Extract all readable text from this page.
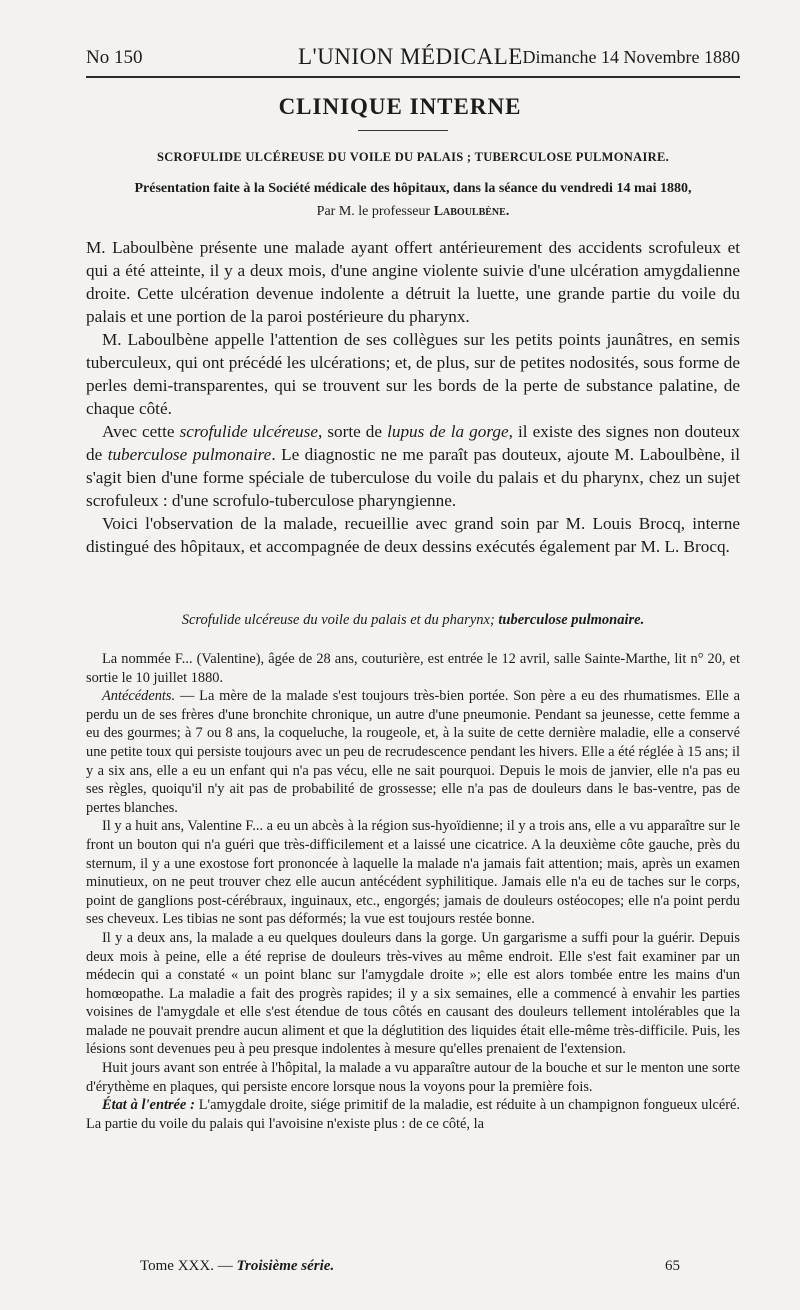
No 150	L'UNION MÉDICALE Dimanche 14 Novembre 1880
CLINIQUE INTERNE
SCROFULIDE ULCÉREUSE DU VOILE DU PALAIS ; TUBERCULOSE PULMONAIRE.
Présentation faite à la Société médicale des hôpitaux, dans la séance du vendredi 14 mai 1880,
Par M. le professeur Laboulbène.

M. Laboulbène présente une malade ayant offert antérieurement des accidents scrofuleux et qui a été atteinte, il y a deux mois, d'une angine violente suivie d'une ulcération amygdalienne droite. Cette ulcération devenue indolente a détruit la luette, une grande partie du voile du palais et une portion de la paroi postérieure du pharynx.

M. Laboulbène appelle l'attention de ses collègues sur les petits points jaunâtres, en semis tuberculeux, qui ont précédé les ulcérations; et, de plus, sur de petites nodosités, sous forme de perles demi-transparentes, qui se trouvent sur les bords de la perte de substance palatine, de chaque côté.

Avec cette scrofulide ulcéreuse, sorte de lupus de la gorge, il existe des signes non douteux de tuberculose pulmonaire. Le diagnostic ne me paraît pas douteux, ajoute M. Laboulbène, il s'agit bien d'une forme spéciale de tuberculose du voile du palais et du pharynx, chez un sujet scrofuleux : d'une scrofulo-tuberculose pharyngienne.

Voici l'observation de la malade, recueillie avec grand soin par M. Louis Brocq, interne distingué des hôpitaux, et accompagnée de deux dessins exécutés également par M. L. Brocq.

Scrofulide ulcéreuse du voile du palais et du pharynx; tuberculose pulmonaire.

La nommée F... (Valentine), âgée de 28 ans, couturière, est entrée le 12 avril, salle Sainte-Marthe, lit n° 20, et sortie le 10 juillet 1880.

Antécédents. — La mère de la malade s'est toujours très-bien portée. Son père a eu des rhumatismes. Elle a perdu un de ses frères d'une bronchite chronique, un autre d'une pneumonie. Pendant sa jeunesse, cette femme a eu des gourmes; à 7 ou 8 ans, la coqueluche, la rougeole, et, à la suite de cette dernière maladie, elle a conservé une petite toux qui persiste toujours avec un peu de recrudescence pendant les hivers. Elle a été réglée à 15 ans; il y a six ans, elle a eu un enfant qui n'a pas vécu, elle ne sait pourquoi. Depuis le mois de janvier, elle n'a pas eu ses règles, quoiqu'il n'y ait pas de probabilité de grossesse; elle n'a pas de douleurs dans le bas-ventre, pas de pertes blanches.

Il y a huit ans, Valentine F... a eu un abcès à la région sus-hyoïdienne; il y a trois ans, elle a vu apparaître sur le front un bouton qui n'a guéri que très-difficilement et a laissé une cicatrice. A la deuxième côte gauche, près du sternum, il y a une exostose fort prononcée à laquelle la malade n'a jamais fait attention; mais, après un examen minutieux, on ne peut trouver chez elle aucun antécédent syphilitique. Jamais elle n'a eu de taches sur le corps, point de ganglions post-cérébraux, inguinaux, etc., engorgés; jamais de douleurs ostéocopes; elle n'a point perdu ses cheveux. Les tibias ne sont pas déformés; la vue est toujours restée bonne.

Il y a deux ans, la malade a eu quelques douleurs dans la gorge. Un gargarisme a suffi pour la guérir. Depuis deux mois à peine, elle a été reprise de douleurs très-vives au même endroit. Elle s'est fait examiner par un médecin qui a constaté « un point blanc sur l'amygdale droite »; elle est alors tombée entre les mains d'un homœopathe. La maladie a fait des progrès rapides; il y a six semaines, elle a commencé à envahir les parties voisines de l'amygdale et elle s'est étendue de tous côtés en causant des douleurs tellement intolérables que la malade ne pouvait prendre aucun aliment et que la déglutition des liquides était elle-même très-difficile. Puis, les lésions sont devenues peu à peu presque indolentes à mesure qu'elles prenaient de l'extension.

Huit jours avant son entrée à l'hôpital, la malade a vu apparaître autour de la bouche et sur le menton une sorte d'érythème en plaques, qui persiste encore lorsque nous la voyons pour la première fois.

État à l'entrée : L'amygdale droite, siége primitif de la maladie, est réduite à un champignon fongueux ulcéré. La partie du voile du palais qui l'avoisine n'existe plus : de ce côté, la

Tome XXX. — Troisième série.	65
